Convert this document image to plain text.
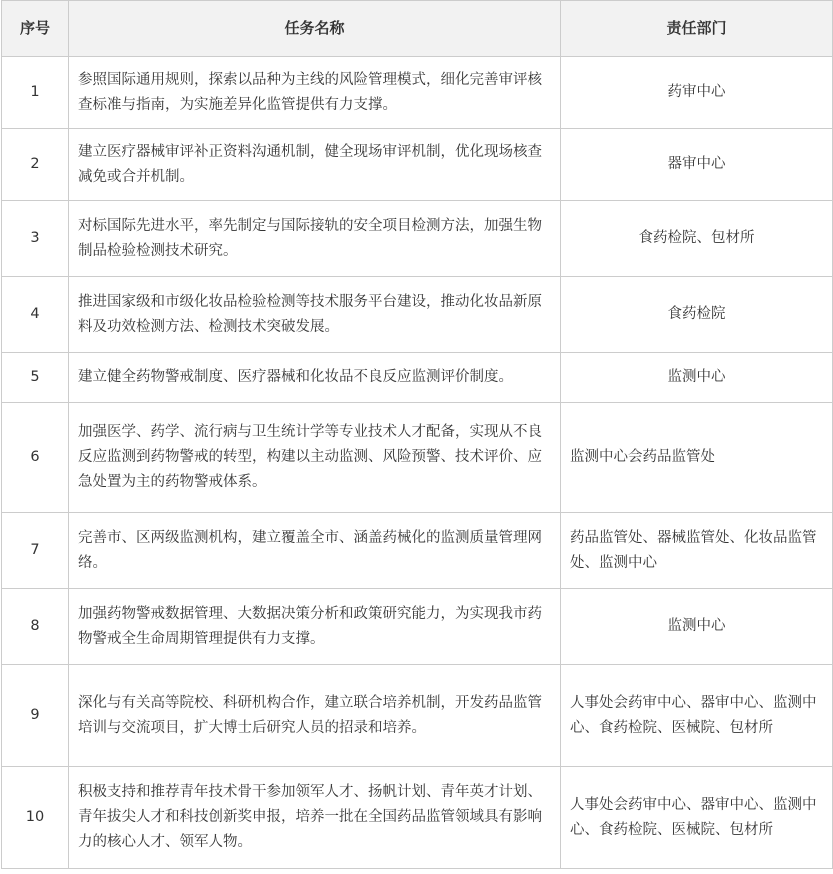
序号	任务名称	责任部门
1	参照国际通用规则，探索以品种为主线的风险管理模式，细化完善审评核查标准与指南，为实施差异化监管提供有力支撑。	药审中心
2	建立医疗器械审评补正资料沟通机制，健全现场审评机制，优化现场核查减免或合并机制。	器审中心
3	对标国际先进水平，率先制定与国际接轨的安全项目检测方法，加强生物制品检验检测技术研究。	食药检院、包材所
4	推进国家级和市级化妆品检验检测等技术服务平台建设，推动化妆品新原料及功效检测方法、检测技术突破发展。	食药检院
5	建立健全药物警戒制度、医疗器械和化妆品不良反应监测评价制度。	监测中心
6	加强医学、药学、流行病与卫生统计学等专业技术人才配备，实现从不良反应监测到药物警戒的转型，构建以主动监测、风险预警、技术评价、应急处置为主的药物警戒体系。	监测中心会药品监管处
7	完善市、区两级监测机构，建立覆盖全市、涵盖药械化的监测质量管理网络。	药品监管处、器械监管处、化妆品监管处、监测中心
8	加强药物警戒数据管理、大数据决策分析和政策研究能力，为实现我市药物警戒全生命周期管理提供有力支撑。	监测中心
9	深化与有关高等院校、科研机构合作，建立联合培养机制，开发药品监管培训与交流项目，扩大博士后研究人员的招录和培养。	人事处会药审中心、器审中心、监测中心、食药检院、医械院、包材所
10	积极支持和推荐青年技术骨干参加领军人才、扬帆计划、青年英才计划、青年拔尖人才和科技创新奖申报，培养一批在全国药品监管领域具有影响力的核心人才、领军人物。	人事处会药审中心、器审中心、监测中心、食药检院、医械院、包材所
